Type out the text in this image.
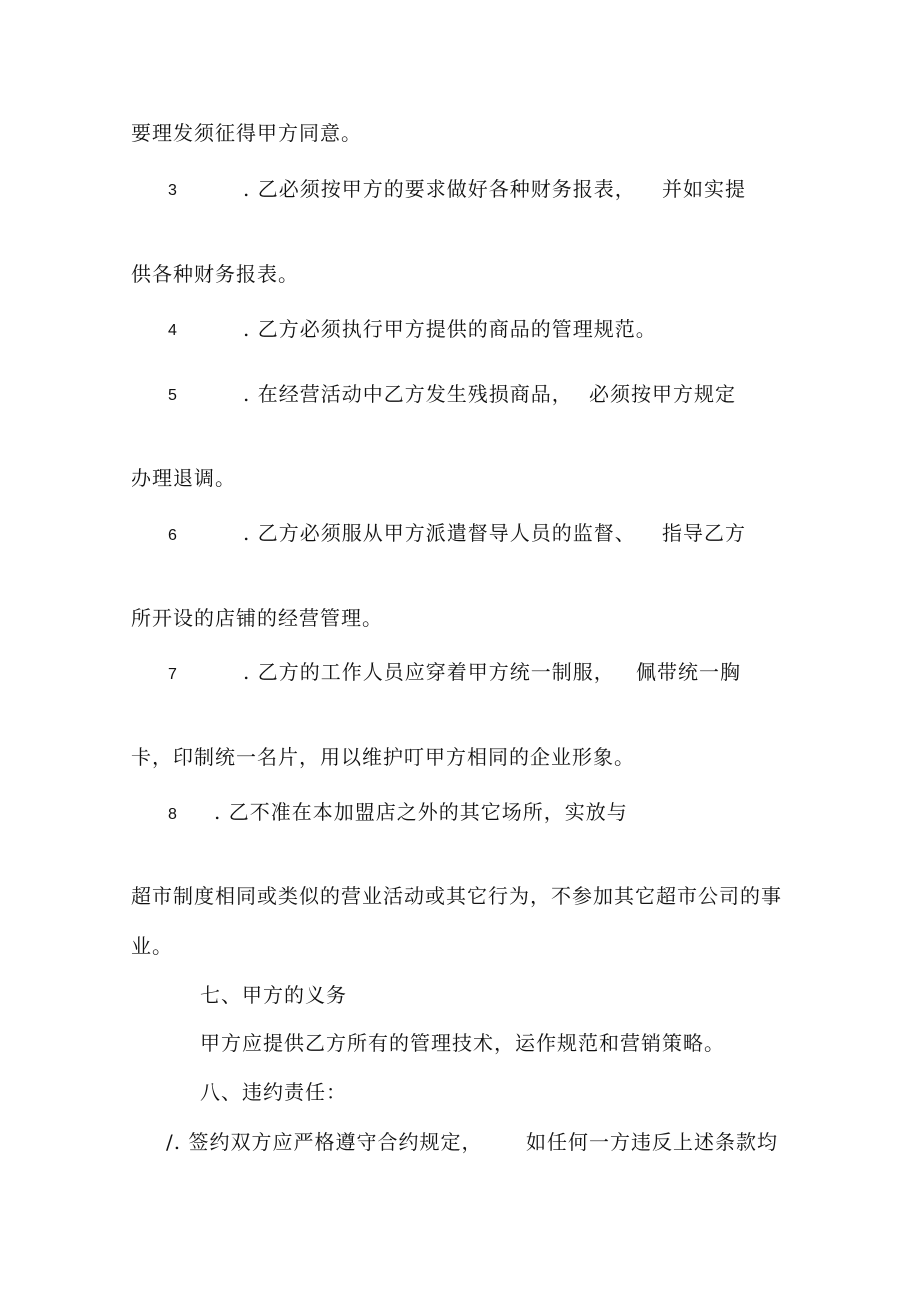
要理发须征得甲方同意。
3	. 乙必须按甲方的要求做好各种财务报表， 并如实提
供各种财务报表。
4	. 乙方必须执行甲方提供的商品的管理规范。
5	. 在经营活动中乙方发生残损商品， 必须按甲方规定
办理退调。
6	. 乙方必须服从甲方派遣督导人员的监督、 指导乙方
所开设的店铺的经营管理。
7	. 乙方的工作人员应穿着甲方统一制服， 佩带统一胸
卡，印制统一名片，用以维护叮甲方相同的企业形象。
8 . 乙不准在本加盟店之外的其它场所，实放与
超市制度相同或类似的营业活动或其它行为，不参加其它超市公司的事
业。
七、甲方的义务
甲方应提供乙方所有的管理技术，运作规范和营销策略。
八、违约责任：
/. 签约双方应严格遵守合约规定， 如任何一方违反上述条款均
